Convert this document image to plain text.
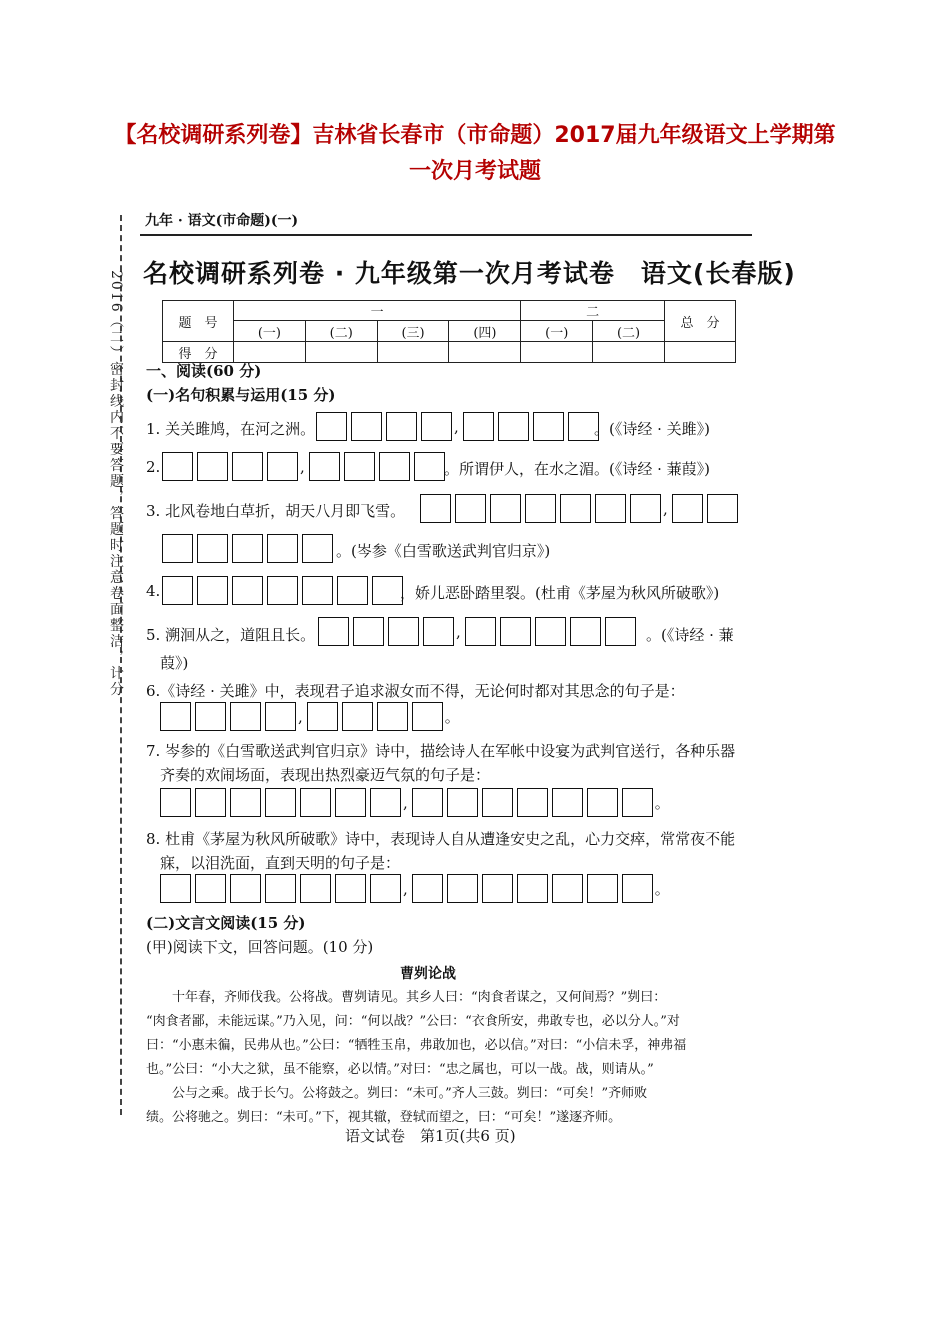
【名校调研系列卷】吉林省长春市（市命题）2017届九年级语文上学期第
一次月考试题
2016（二）密封线内不要答题，答题时注意卷面整洁，计分
九年 · 语文(市命题)(一)
名校调研系列卷 · 九年级第一次月考试卷　语文(长春版)
题　号	一				二		总　分
	(一)	(二)	(三)	(四)	(一)	(二)	
得　分							
一、阅读(60 分)
(一)名句积累与运用(15 分)
1. 关关雎鸠，在河之洲。	,	。(《诗经 · 关雎》)
2.	,	。所谓伊人，在水之湄。(《诗经 · 蒹葭》)
3. 北风卷地白草折，胡天八月即飞雪。	,
。(岑参《白雪歌送武判官归京》)
4.	，娇儿恶卧踏里裂。(杜甫《茅屋为秋风所破歌》)
5. 溯洄从之，道阻且长。	,	。(《诗经 · 蒹
葭》)
6.《诗经 · 关雎》中，表现君子追求淑女而不得，无论何时都对其思念的句子是：
,	。
7. 岑参的《白雪歌送武判官归京》诗中，描绘诗人在军帐中设宴为武判官送行，各种乐器
齐奏的欢闹场面，表现出热烈豪迈气氛的句子是：
,	。
8. 杜甫《茅屋为秋风所破歌》诗中，表现诗人自从遭逢安史之乱，心力交瘁，常常夜不能
寐，以泪洗面，直到天明的句子是：
,	。
(二)文言文阅读(15 分)
(甲)阅读下文，回答问题。(10 分)
曹刿论战
　　十年春，齐师伐我。公将战。曹刿请见。其乡人曰：“肉食者谋之，又何间焉？”刿曰：
“肉食者鄙，未能远谋。”乃入见，问：“何以战？”公曰：“衣食所安，弗敢专也，必以分人。”对
曰：“小惠未徧，民弗从也。”公曰：“牺牲玉帛，弗敢加也，必以信。”对曰：“小信未孚，神弗福
也。”公曰：“小大之狱，虽不能察，必以情。”对曰：“忠之属也，可以一战。战，则请从。”
　　公与之乘。战于长勺。公将鼓之。刿曰：“未可。”齐人三鼓。刿曰：“可矣！”齐师败
绩。公将驰之。刿曰：“未可。”下，视其辙，登轼而望之，曰：“可矣！”遂逐齐师。
语文试卷　第1页(共6 页)
